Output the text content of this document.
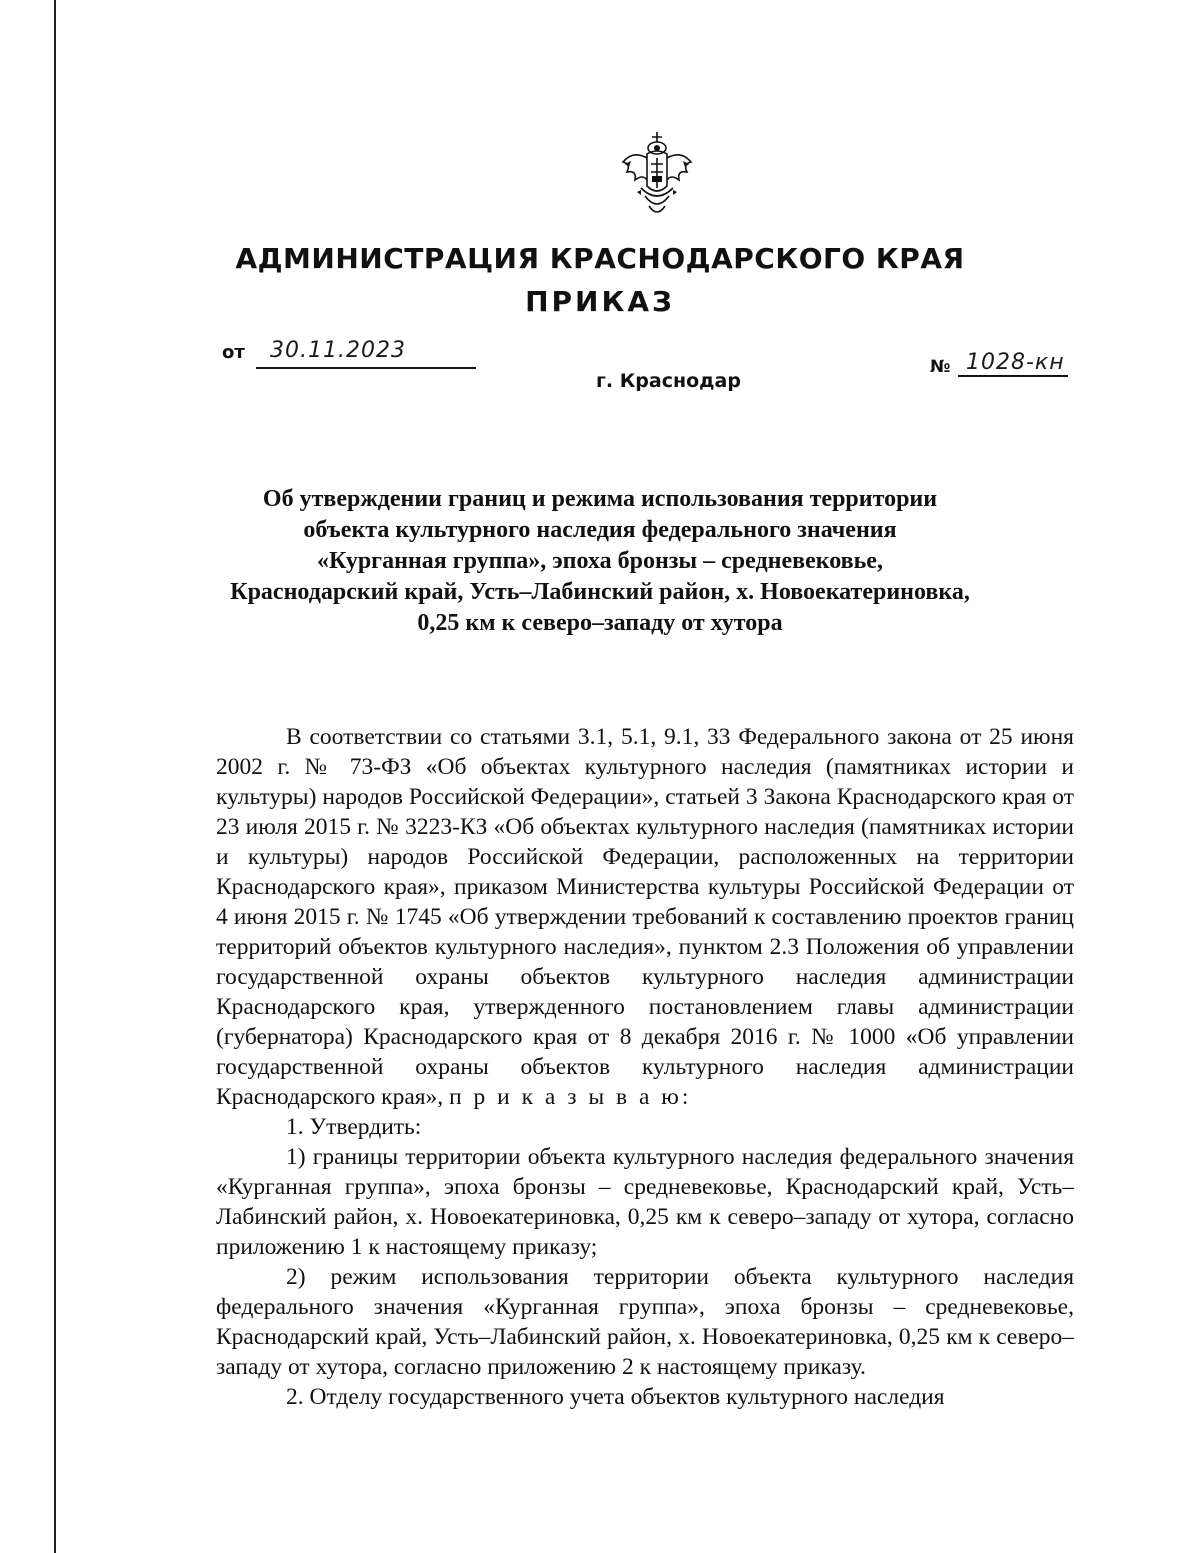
АДМИНИСТРАЦИЯ КРАСНОДАРСКОГО КРАЯ
ПРИКАЗ
от 30.11.2023
г. Краснодар
№ 1028-кн
Об утверждении границ и режима использования территории
объекта культурного наследия федерального значения
«Курганная группа», эпоха бронзы – средневековье,
Краснодарский край, Усть–Лабинский район, х. Новоекатериновка,
0,25 км к северо–западу от хутора

В соответствии со статьями 3.1, 5.1, 9.1, 33 Федерального закона от 25 июня 2002 г. № 73-ФЗ «Об объектах культурного наследия (памятниках истории и культуры) народов Российской Федерации», статьей 3 Закона Краснодарского края от 23 июля 2015 г. № 3223-КЗ «Об объектах культурного наследия (памятниках истории и культуры) народов Российской Федерации, расположенных на территории Краснодарского края», приказом Министерства культуры Российской Федерации от 4 июня 2015 г. № 1745 «Об утверждении требований к составлению проектов границ территорий объектов культурного наследия», пунктом 2.3 Положения об управлении государственной охраны объектов культурного наследия администрации Краснодарского края, утвержденного постановлением главы администрации (губернатора) Краснодарского края от 8 декабря 2016 г. № 1000 «Об управлении государственной охраны объектов культурного наследия администрации Краснодарского края», п р и к а з ы в а ю:

1. Утвердить:

1) границы территории объекта культурного наследия федерального значения «Курганная группа», эпоха бронзы – средневековье, Краснодарский край, Усть–Лабинский район, х. Новоекатериновка, 0,25 км к северо–западу от хутора, согласно приложению 1 к настоящему приказу;

2) режим использования территории объекта культурного наследия федерального значения «Курганная группа», эпоха бронзы – средневековье, Краснодарский край, Усть–Лабинский район, х. Новоекатериновка, 0,25 км к северо–западу от хутора, согласно приложению 2 к настоящему приказу.

2. Отделу государственного учета объектов культурного наследия
